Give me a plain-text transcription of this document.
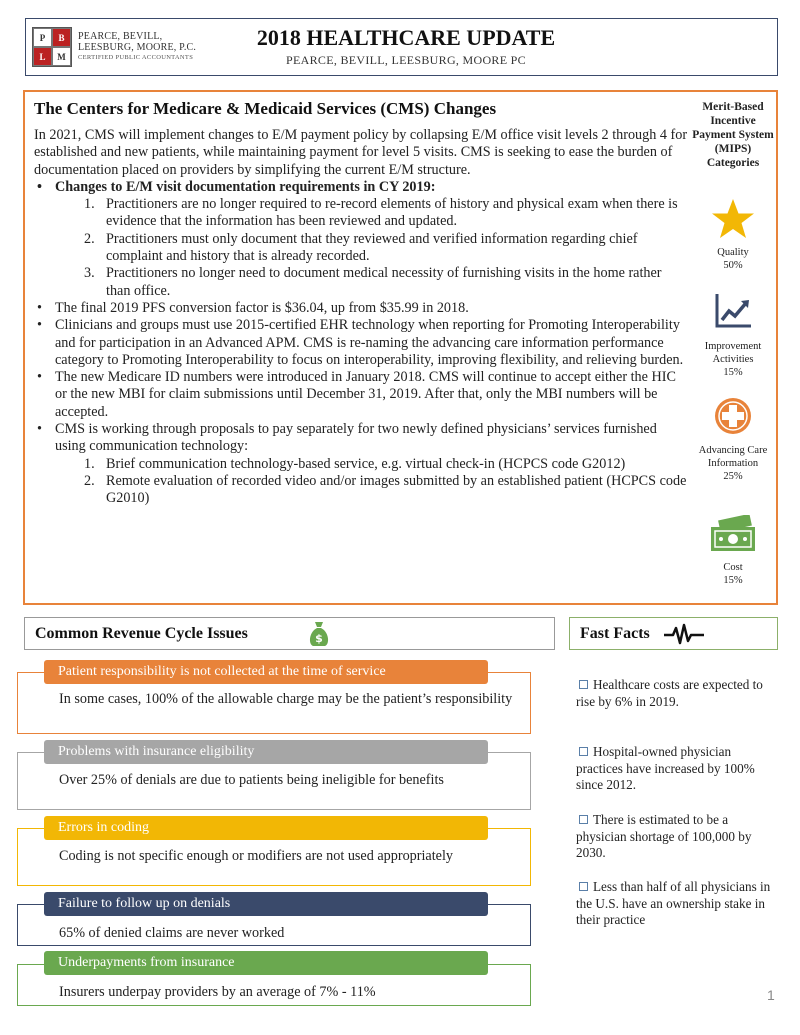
P	B
L	M
PEARCE, BEVILL,
LEESBURG, MOORE, P.C.
CERTIFIED PUBLIC ACCOUNTANTS
2018 HEALTHCARE UPDATE
PEARCE, BEVILL, LEESBURG, MOORE PC
The Centers for Medicare & Medicaid Services (CMS) Changes

In 2021, CMS will implement changes to E/M payment policy by collapsing E/M office visit levels 2 through 4 for established and new patients, while maintaining payment for level 5 visits. CMS is seeking to ease the burden of documentation placed on providers by simplifying the current E/M structure.

• Changes to E/M visit documentation requirements in CY 2019:
1. Practitioners are no longer required to re-record elements of history and physical exam when there is evidence that the information has been reviewed and updated.
2. Practitioners must only document that they reviewed and verified information regarding chief complaint and history that is already recorded.
3. Practitioners no longer need to document medical necessity of furnishing visits in the home rather than office.
• The final 2019 PFS conversion factor is $36.04, up from $35.99 in 2018.
• Clinicians and groups must use 2015-certified EHR technology when reporting for Promoting Interoperability and for participation in an Advanced APM. CMS is re-naming the advancing care information performance category to Promoting Interoperability to focus on interoperability, improving flexibility, and relieving burden.
• The new Medicare ID numbers were introduced in January 2018. CMS will continue to accept either the HIC or the new MBI for claim submissions until December 31, 2019. After that, only the MBI numbers will be accepted.
• CMS is working through proposals to pay separately for two newly defined physicians’ services furnished using communication technology:
1. Brief communication technology-based service, e.g. virtual check-in (HCPCS code G2012)
2. Remote evaluation of recorded video and/or images submitted by an established patient (HCPCS code G2010)
Merit-Based Incentive Payment System (MIPS) Categories
Quality
50%
Improvement Activities
15%
Advancing Care Information
25%
Cost
15%
Common Revenue Cycle Issues	$
Patient responsibility is not collected at the time of service
In some cases, 100% of the allowable charge may be the patient’s responsibility
Problems with insurance eligibility
Over 25% of denials are due to patients being ineligible for benefits
Errors in coding
Coding is not specific enough or modifiers are not used appropriately
Failure to follow up on denials
65% of denied claims are never worked
Underpayments from insurance
Insurers underpay providers by an average of 7% - 11%
Fast Facts
Healthcare costs are expected to rise by 6% in 2019.
Hospital-owned physician practices have increased by 100% since 2012.
There is estimated to be a physician shortage of 100,000 by 2030.
Less than half of all physicians in the U.S. have an ownership stake in their practice
1
